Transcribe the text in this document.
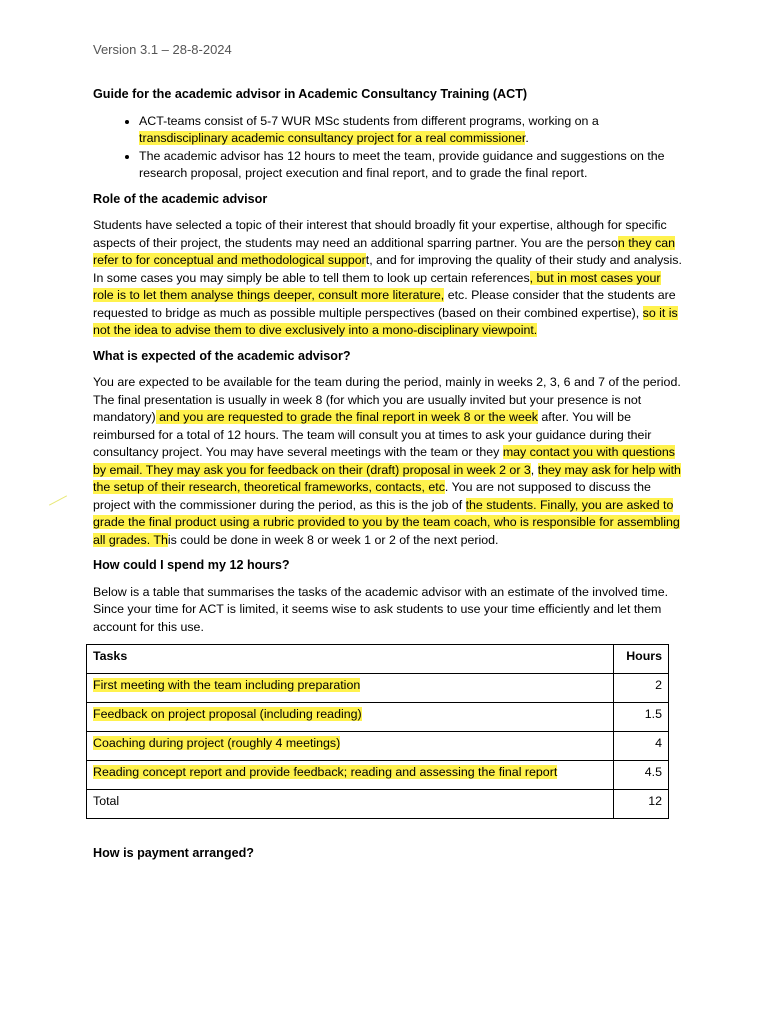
Version 3.1 – 28-8-2024
Guide for the academic advisor in Academic Consultancy Training (ACT)
• ACT-teams consist of 5-7 WUR MSc students from different programs, working on a transdisciplinary academic consultancy project for a real commissioner.
• The academic advisor has 12 hours to meet the team, provide guidance and suggestions on the research proposal, project execution and final report, and to grade the final report.
Role of the academic advisor

Students have selected a topic of their interest that should broadly fit your expertise, although for specific aspects of their project, the students may need an additional sparring partner. You are the person they can refer to for conceptual and methodological support, and for improving the quality of their study and analysis. In some cases you may simply be able to tell them to look up certain references, but in most cases your role is to let them analyse things deeper, consult more literature, etc. Please consider that the students are requested to bridge as much as possible multiple perspectives (based on their combined expertise), so it is not the idea to advise them to dive exclusively into a mono-disciplinary viewpoint.

What is expected of the academic advisor?

You are expected to be available for the team during the period, mainly in weeks 2, 3, 6 and 7 of the period. The final presentation is usually in week 8 (for which you are usually invited but your presence is not mandatory) and you are requested to grade the final report in week 8 or the week after. You will be reimbursed for a total of 12 hours. The team will consult you at times to ask your guidance during their consultancy project. You may have several meetings with the team or they may contact you with questions by email. They may ask you for feedback on their (draft) proposal in week 2 or 3, they may ask for help with the setup of their research, theoretical frameworks, contacts, etc. You are not supposed to discuss the project with the commissioner during the period, as this is the job of the students. Finally, you are asked to grade the final product using a rubric provided to you by the team coach, who is responsible for assembling all grades. This could be done in week 8 or week 1 or 2 of the next period.

How could I spend my 12 hours?

Below is a table that summarises the tasks of the academic advisor with an estimate of the involved time. Since your time for ACT is limited, it seems wise to ask students to use your time efficiently and let them account for this use.

Tasks	Hours
First meeting with the team including preparation	2
Feedback on project proposal (including reading)	1.5
Coaching during project (roughly 4 meetings)	4
Reading concept report and provide feedback; reading and assessing the final report	4.5
Total	12
How is payment arranged?
